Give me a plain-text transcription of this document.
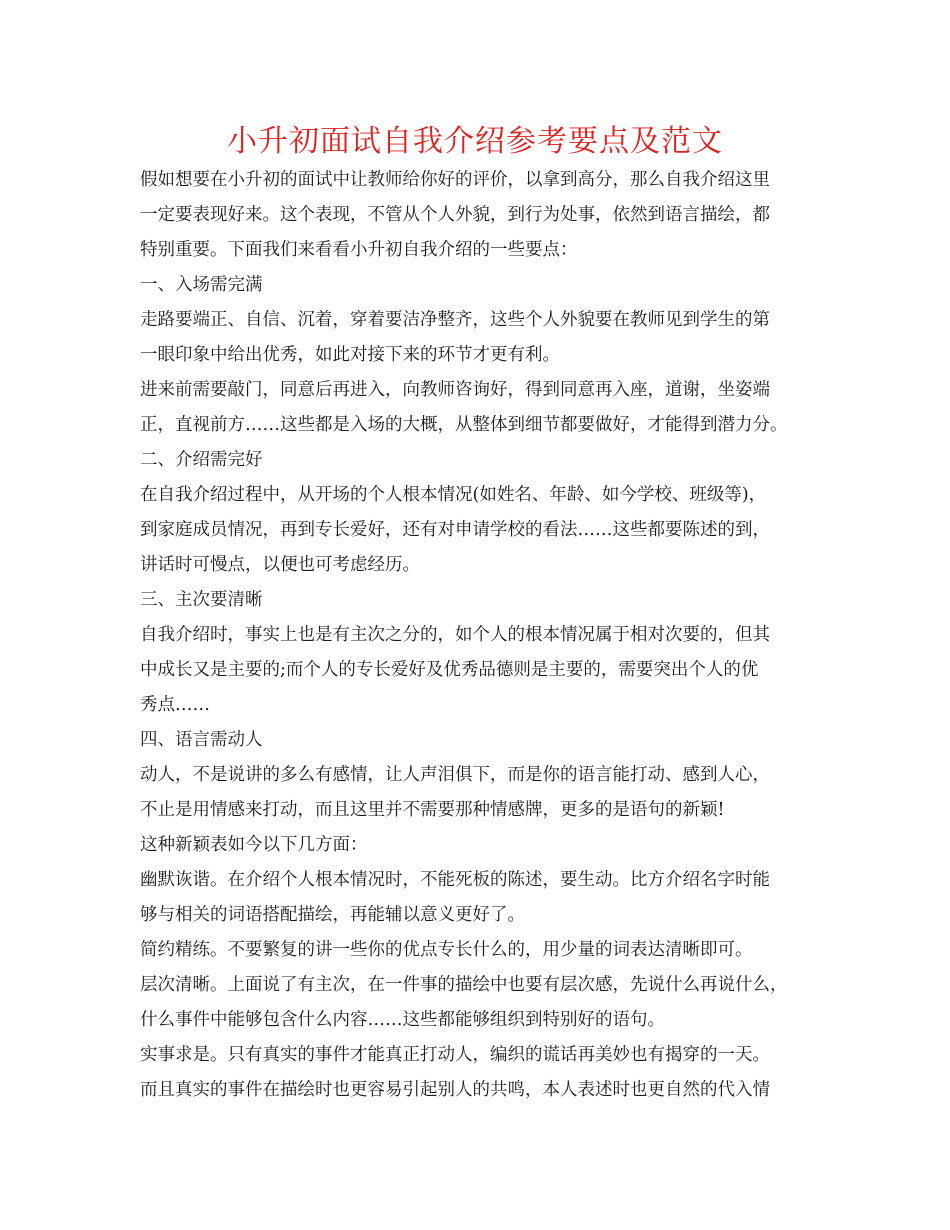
小升初面试自我介绍参考要点及范文

假如想要在小升初的面试中让教师给你好的评价，以拿到高分，那么自我介绍这里

一定要表现好来。这个表现，不管从个人外貌，到行为处事，依然到语言描绘，都

特别重要。下面我们来看看小升初自我介绍的一些要点：

一、入场需完满

走路要端正、自信、沉着，穿着要洁净整齐，这些个人外貌要在教师见到学生的第

一眼印象中给出优秀，如此对接下来的环节才更有利。

进来前需要敲门，同意后再进入，向教师咨询好，得到同意再入座，道谢，坐姿端

正，直视前方……这些都是入场的大概，从整体到细节都要做好，才能得到潜力分。

二、介绍需完好

在自我介绍过程中，从开场的个人根本情况(如姓名、年龄、如今学校、班级等)，

到家庭成员情况，再到专长爱好，还有对申请学校的看法……这些都要陈述的到，

讲话时可慢点，以便也可考虑经历。

三、主次要清晰

自我介绍时，事实上也是有主次之分的，如个人的根本情况属于相对次要的，但其

中成长又是主要的;而个人的专长爱好及优秀品德则是主要的，需要突出个人的优

秀点……

四、语言需动人

动人，不是说讲的多么有感情，让人声泪俱下，而是你的语言能打动、感到人心，

不止是用情感来打动，而且这里并不需要那种情感牌，更多的是语句的新颖!

这种新颖表如今以下几方面：

幽默诙谐。在介绍个人根本情况时，不能死板的陈述，要生动。比方介绍名字时能

够与相关的词语搭配描绘，再能辅以意义更好了。

简约精练。不要繁复的讲一些你的优点专长什么的，用少量的词表达清晰即可。

层次清晰。上面说了有主次，在一件事的描绘中也要有层次感，先说什么再说什么，

什么事件中能够包含什么内容……这些都能够组织到特别好的语句。

实事求是。只有真实的事件才能真正打动人，编织的谎话再美妙也有揭穿的一天。

而且真实的事件在描绘时也更容易引起别人的共鸣，本人表述时也更自然的代入情
